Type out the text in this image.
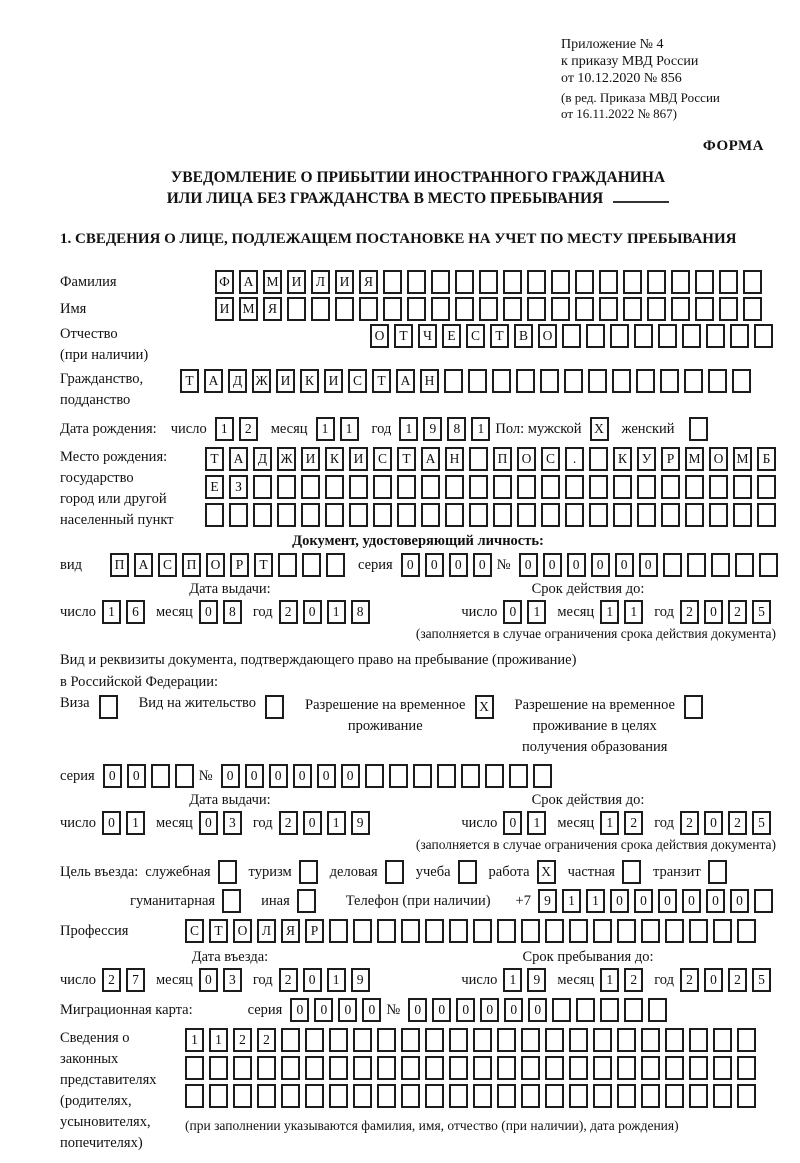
Приложение № 4
к приказу МВД России
от 10.12.2020 № 856
(в ред. Приказа МВД России
от 16.11.2022 № 867)
ФОРМА
УВЕДОМЛЕНИЕ О ПРИБЫТИИ ИНОСТРАННОГО ГРАЖДАНИНА
ИЛИ ЛИЦА БЕЗ ГРАЖДАНСТВА В МЕСТО ПРЕБЫВАНИЯ
1. СВЕДЕНИЯ О ЛИЦЕ, ПОДЛЕЖАЩЕМ ПОСТАНОВКЕ НА УЧЕТ ПО МЕСТУ ПРЕБЫВАНИЯ
Фамилия	Ф	А М И	Л	И	Я
Имя	И М Я
Отчество
(при наличии)
О	Т	Ч	Е	С	Т	В	О
Гражданство,
подданство
Т	А	Д Ж И	К	И	С	Т	А	Н
Дата рождения: число	1	2	месяц	1	1	год	1	9	8	1 Пол: мужской X	женский
Место рождения:
государство
город или другой
населенный пункт
Т	А	Д Ж И	К	И	С	Т	А	Н	П	О	С	.	К	У	Р	М О М	Б
Е	З
Документ, удостоверяющий личность:
вид	П	А	С	П	О	Р	Т	серия	0	0	0	0 №	0	0	0	0	0	0
Дата выдачи:	Срок действия до:
число 1	6	месяц 0	8	год 2	0	1	8	число 0	1	месяц 1	1	год 2	0	2	5
(заполняется в случае ограничения срока действия документа)
Вид и реквизиты документа, подтверждающего право на пребывание (проживание)
в Российской Федерации:
Виза	Вид на жительство	Разрешение на временное
проживание
X	Разрешение на временное
проживание в целях
получения образования
серия	0	0	№	0	0	0	0	0	0
Дата выдачи:	Срок действия до:
число 0	1	месяц 0	3	год 2	0	1	9	число 0	1	месяц 1	2	год 2	0	2	5
(заполняется в случае ограничения срока действия документа)
Цель въезда: служебная	туризм	деловая	учеба	работа X	частная	транзит
гуманитарная	иная	Телефон (при наличии) +7 9	1	1	0	0	0	0	0	0
Профессия	С	Т	О	Л	Я	Р
Дата въезда:	Срок пребывания до:
число 2	7	месяц 0	3	год 2	0	1	9	число 1	9	месяц 1	2	год 2	0	2	5
Миграционная карта:	серия	0	0	0	0 №	0	0	0	0	0	0
Сведения о
законных
представителях
(родителях,
усыновителях,
попечителях)
1	1	2	2
(при заполнении указываются фамилия, имя, отчество (при наличии), дата рождения)
